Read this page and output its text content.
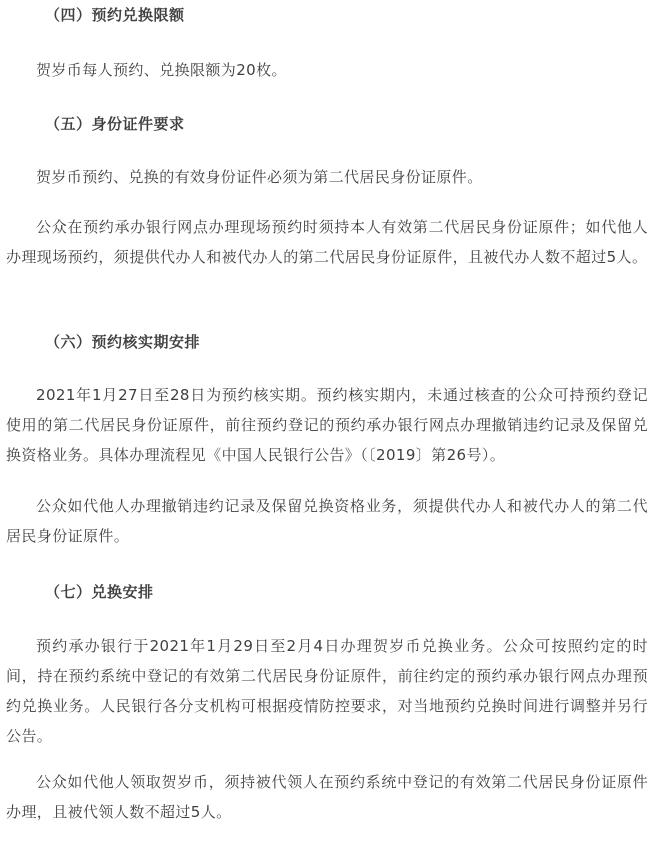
（四）预约兑换限额

贺岁币每人预约、兑换限额为20枚。

（五）身份证件要求

贺岁币预约、兑换的有效身份证件必须为第二代居民身份证原件。

公众在预约承办银行网点办理现场预约时须持本人有效第二代居民身份证原件；如代他人办理现场预约，须提供代办人和被代办人的第二代居民身份证原件，且被代办人数不超过5人。

（六）预约核实期安排

2021年1月27日至28日为预约核实期。预约核实期内，未通过核查的公众可持预约登记使用的第二代居民身份证原件，前往预约登记的预约承办银行网点办理撤销违约记录及保留兑换资格业务。具体办理流程见《中国人民银行公告》（〔2019〕第26号）。

公众如代他人办理撤销违约记录及保留兑换资格业务，须提供代办人和被代办人的第二代居民身份证原件。

（七）兑换安排

预约承办银行于2021年1月29日至2月4日办理贺岁币兑换业务。公众可按照约定的时间，持在预约系统中登记的有效第二代居民身份证原件，前往约定的预约承办银行网点办理预约兑换业务。人民银行各分支机构可根据疫情防控要求，对当地预约兑换时间进行调整并另行公告。

公众如代他人领取贺岁币，须持被代领人在预约系统中登记的有效第二代居民身份证原件办理，且被代领人数不超过5人。
